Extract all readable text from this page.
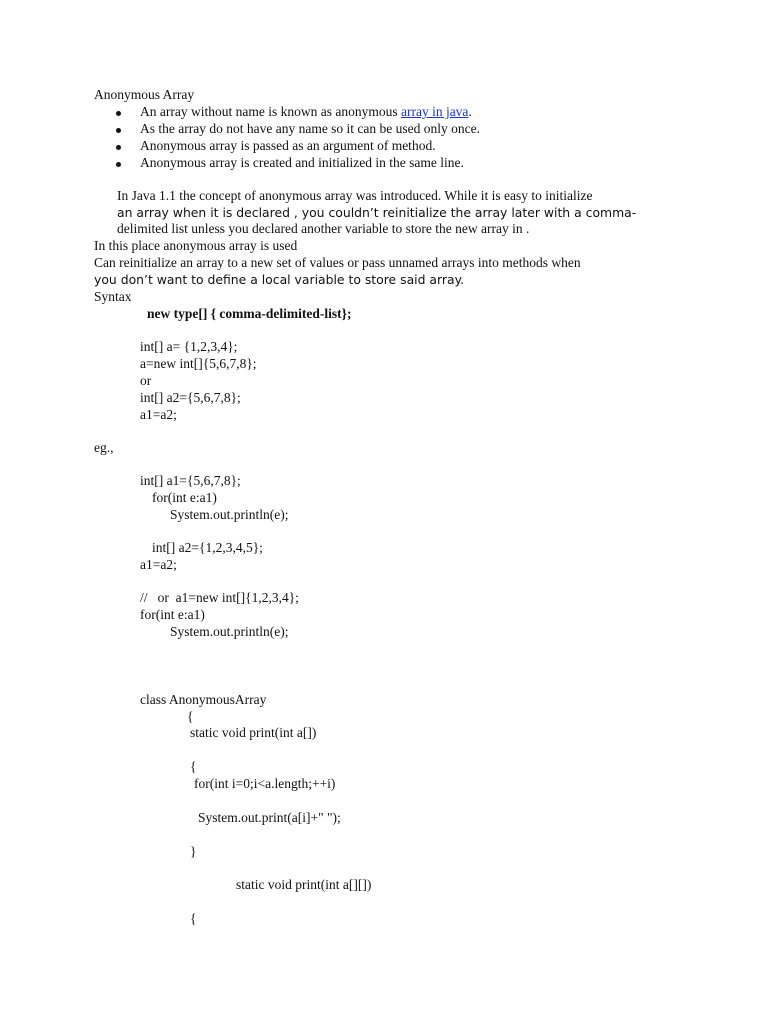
Anonymous Array
An array without name is known as anonymous array in java.
As the array do not have any name so it can be used only once.
Anonymous array is passed as an argument of method.
Anonymous array is created and initialized in the same line.
In Java 1.1 the concept of anonymous array was introduced. While it is easy to initialize
an array when it is declared , you couldn’t reinitialize the array later with a comma-
delimited list unless you declared another variable to store the new array in .
In this place anonymous array is used
Can reinitialize an array to a new set of values or pass unnamed arrays into methods when
you don’t want to define a local variable to store said array.
Syntax
new type[] { comma-delimited-list};
int[] a= {1,2,3,4};
a=new int[]{5,6,7,8};
or
int[] a2={5,6,7,8};
a1=a2;
eg.,
int[] a1={5,6,7,8};
for(int e:a1)
System.out.println(e);
int[] a2={1,2,3,4,5};
a1=a2;
//   or  a1=new int[]{1,2,3,4};
for(int e:a1)
System.out.println(e);
class AnonymousArray
{
static void print(int a[])
{
for(int i=0;i<a.length;++i)
System.out.print(a[i]+" ");
}
static void print(int a[][])
{
